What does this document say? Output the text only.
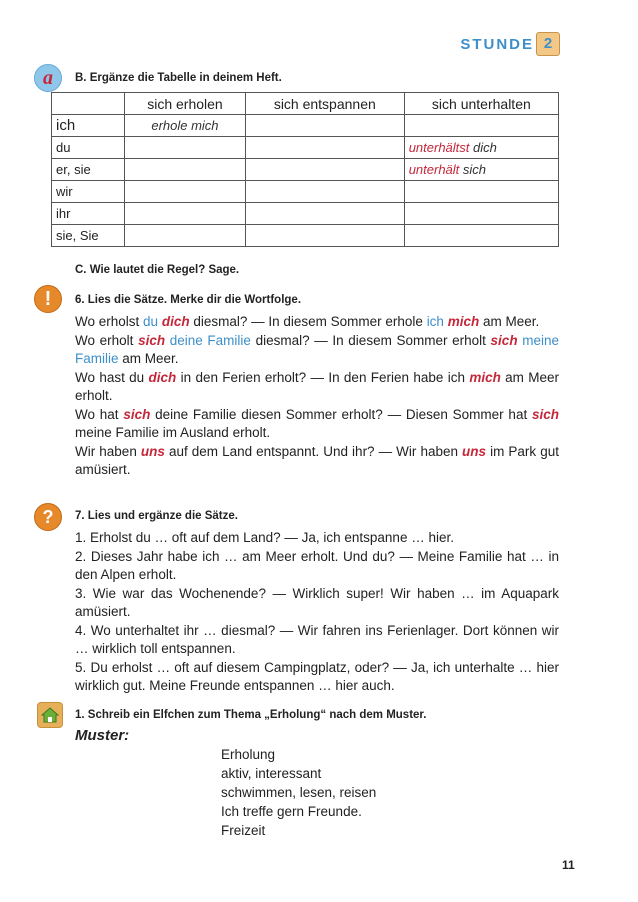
STUNDE 2
a	B. Ergänze die Tabelle in deinem Heft.
	sich erholen	sich entspannen	sich unterhalten
ich	erhole mich		
du			unterhältst dich
er, sie			unterhält sich
wir			
ihr			
sie, Sie			
C. Wie lautet die Regel? Sage.
!	6. Lies die Sätze. Merke dir die Wortfolge.

Wo erholst du dich diesmal? — In diesem Sommer erhole ich mich am Meer.

Wo erholt sich deine Familie diesmal? — In diesem Sommer erholt sich meine Familie am Meer.

Wo hast du dich in den Ferien erholt? — In den Ferien habe ich mich am Meer erholt.

Wo hat sich deine Familie diesen Sommer erholt? — Diesen Sommer hat sich meine Familie im Ausland erholt.

Wir haben uns auf dem Land entspannt. Und ihr? — Wir haben uns im Park gut amüsiert.

?	7. Lies und ergänze die Sätze.

1. Erholst du … oft auf dem Land? — Ja, ich entspanne … hier.

2. Dieses Jahr habe ich … am Meer erholt. Und du? — Meine Familie hat … in den Alpen erholt.

3. Wie war das Wochenende? — Wirklich super! Wir haben … im Aquapark amüsiert.

4. Wo unterhaltet ihr … diesmal? — Wir fahren ins Ferienlager. Dort können wir … wirklich toll entspannen.

5. Du erholst … oft auf diesem Campingplatz, oder? — Ja, ich unterhalte … hier wirklich gut. Meine Freunde entspannen … hier auch.

1. Schreib ein Elfchen zum Thema „Erholung“ nach dem Muster.
Muster:
Erholung
aktiv, interessant
schwimmen, lesen, reisen
Ich treffe gern Freunde.
Freizeit
11
